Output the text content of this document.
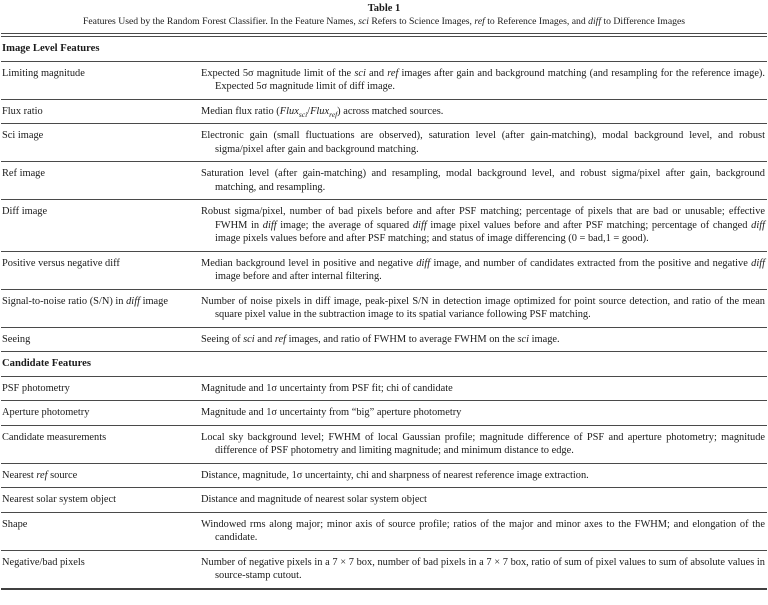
Table 1
Features Used by the Random Forest Classifier. In the Feature Names, sci Refers to Science Images, ref to Reference Images, and diff to Difference Images
Image Level Features
Limiting magnitude	Expected 5σ magnitude limit of the sci and ref images after gain and background matching (and resampling for the reference image). Expected 5σ magnitude limit of diff image.
Flux ratio	Median flux ratio (Flux$_{sci}$/Flux$_{ref}$) across matched sources.
Sci image	Electronic gain (small fluctuations are observed), saturation level (after gain-matching), modal background level, and robust sigma/pixel after gain and background matching.
Ref image	Saturation level (after gain-matching) and resampling, modal background level, and robust sigma/pixel after gain, background matching, and resampling.
Diff image	Robust sigma/pixel, number of bad pixels before and after PSF matching; percentage of pixels that are bad or unusable; effective FWHM in diff image; the average of squared diff image pixel values before and after PSF matching; percentage of changed diff image pixels values before and after PSF matching; and status of image differencing (0 = bad,1 = good).
Positive versus negative diff	Median background level in positive and negative diff image, and number of candidates extracted from the positive and negative diff image before and after internal filtering.
Signal-to-noise ratio (S/N) in diff image	Number of noise pixels in diff image, peak-pixel S/N in detection image optimized for point source detection, and ratio of the mean square pixel value in the subtraction image to its spatial variance following PSF matching.
Seeing	Seeing of sci and ref images, and ratio of FWHM to average FWHM on the sci image.
Candidate Features
PSF photometry	Magnitude and 1σ uncertainty from PSF fit; chi of candidate
Aperture photometry	Magnitude and 1σ uncertainty from “big” aperture photometry
Candidate measurements	Local sky background level; FWHM of local Gaussian profile; magnitude difference of PSF and aperture photometry; magnitude difference of PSF photometry and limiting magnitude; and minimum distance to edge.
Nearest ref source	Distance, magnitude, 1σ uncertainty, chi and sharpness of nearest reference image extraction.
Nearest solar system object	Distance and magnitude of nearest solar system object
Shape	Windowed rms along major; minor axis of source profile; ratios of the major and minor axes to the FWHM; and elongation of the candidate.
Negative/bad pixels	Number of negative pixels in a 7 × 7 box, number of bad pixels in a 7 × 7 box, ratio of sum of pixel values to sum of absolute values in source-stamp cutout.
